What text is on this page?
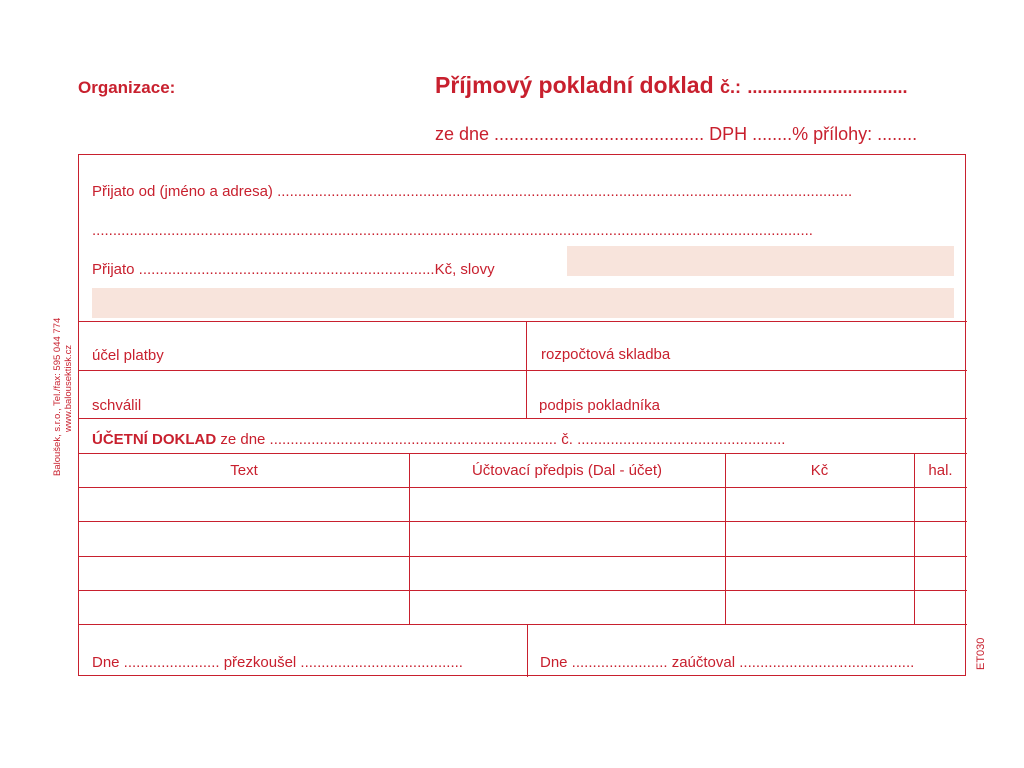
Organizace:	Příjmový pokladní doklad č.: ................................
ze dne .......................................... DPH ........% přílohy: ........
Přijato od (jméno a adresa) ..........................................................................................................................................
.............................................................................................................................................................................
Přijato .......................................................................Kč, slovy
účel platby	rozpočtová skladba
schválil	podpis pokladníka
ÚČETNÍ DOKLAD ze dne ..................................................................... č. ..................................................
Text	Účtovací předpis (Dal - účet)	Kč	hal.
Dne ....................... přezkoušel .......................................	Dne ....................... zaúčtoval ..........................................
Baloušek, s.r.o., Tel./fax: 595 044 774 www.balousektisk.cz
ET030
